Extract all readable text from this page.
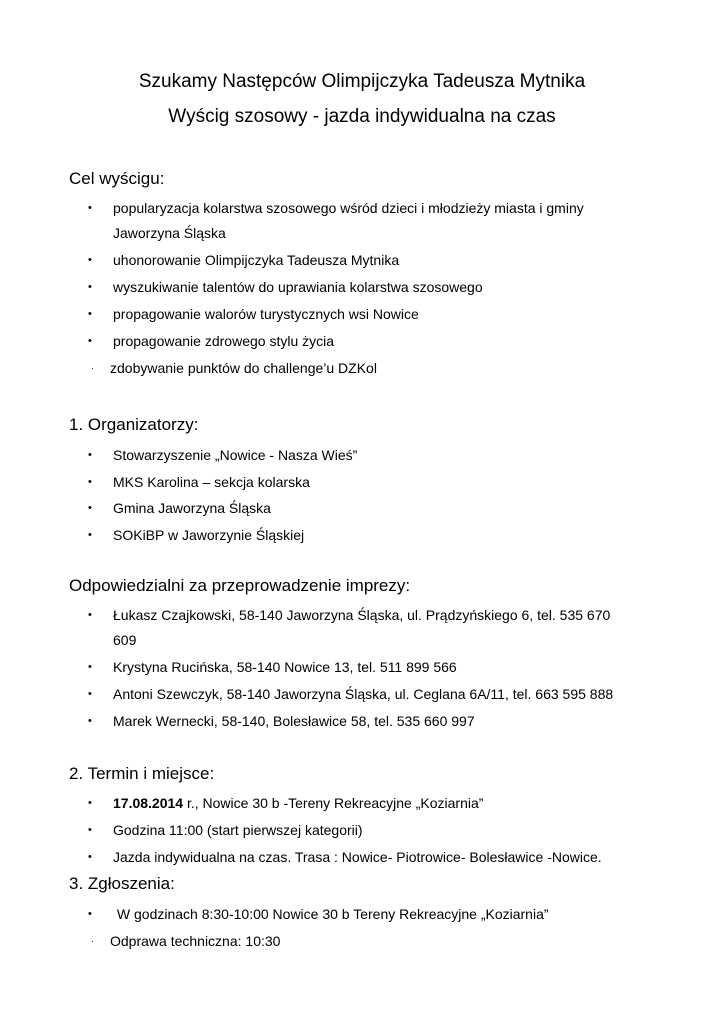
Szukamy Następców Olimpijczyka Tadeusza Mytnika
Wyścig szosowy - jazda indywidualna na czas
Cel wyścigu:
• popularyzacja kolarstwa szosowego wśród dzieci i młodzieży miasta i gminy
Jaworzyna Śląska
• uhonorowanie Olimpijczyka Tadeusza Mytnika
• wyszukiwanie talentów do uprawiania kolarstwa szosowego
• propagowanie walorów turystycznych wsi Nowice
• propagowanie zdrowego stylu życia
· zdobywanie punktów do challenge’u DZKol
1. Organizatorzy:
• Stowarzyszenie „Nowice - Nasza Wieś”
• MKS Karolina – sekcja kolarska
• Gmina Jaworzyna Śląska
• SOKiBP w Jaworzynie Śląskiej
Odpowiedzialni za przeprowadzenie imprezy:
• Łukasz Czajkowski, 58-140 Jaworzyna Śląska, ul. Prądzyńskiego 6, tel. 535 670
609
• Krystyna Rucińska, 58-140 Nowice 13, tel. 511 899 566
• Antoni Szewczyk, 58-140 Jaworzyna Śląska, ul. Ceglana 6A/11, tel. 663 595 888
• Marek Wernecki, 58-140, Bolesławice 58, tel. 535 660 997
2. Termin i miejsce:
• 17.08.2014 r., Nowice 30 b -Tereny Rekreacyjne „Koziarnia”
• Godzina 11:00 (start pierwszej kategorii)
• Jazda indywidualna na czas. Trasa : Nowice- Piotrowice- Bolesławice -Nowice.
3. Zgłoszenia:
• W godzinach 8:30-10:00 Nowice 30 b Tereny Rekreacyjne „Koziarnia”
· Odprawa techniczna: 10:30
